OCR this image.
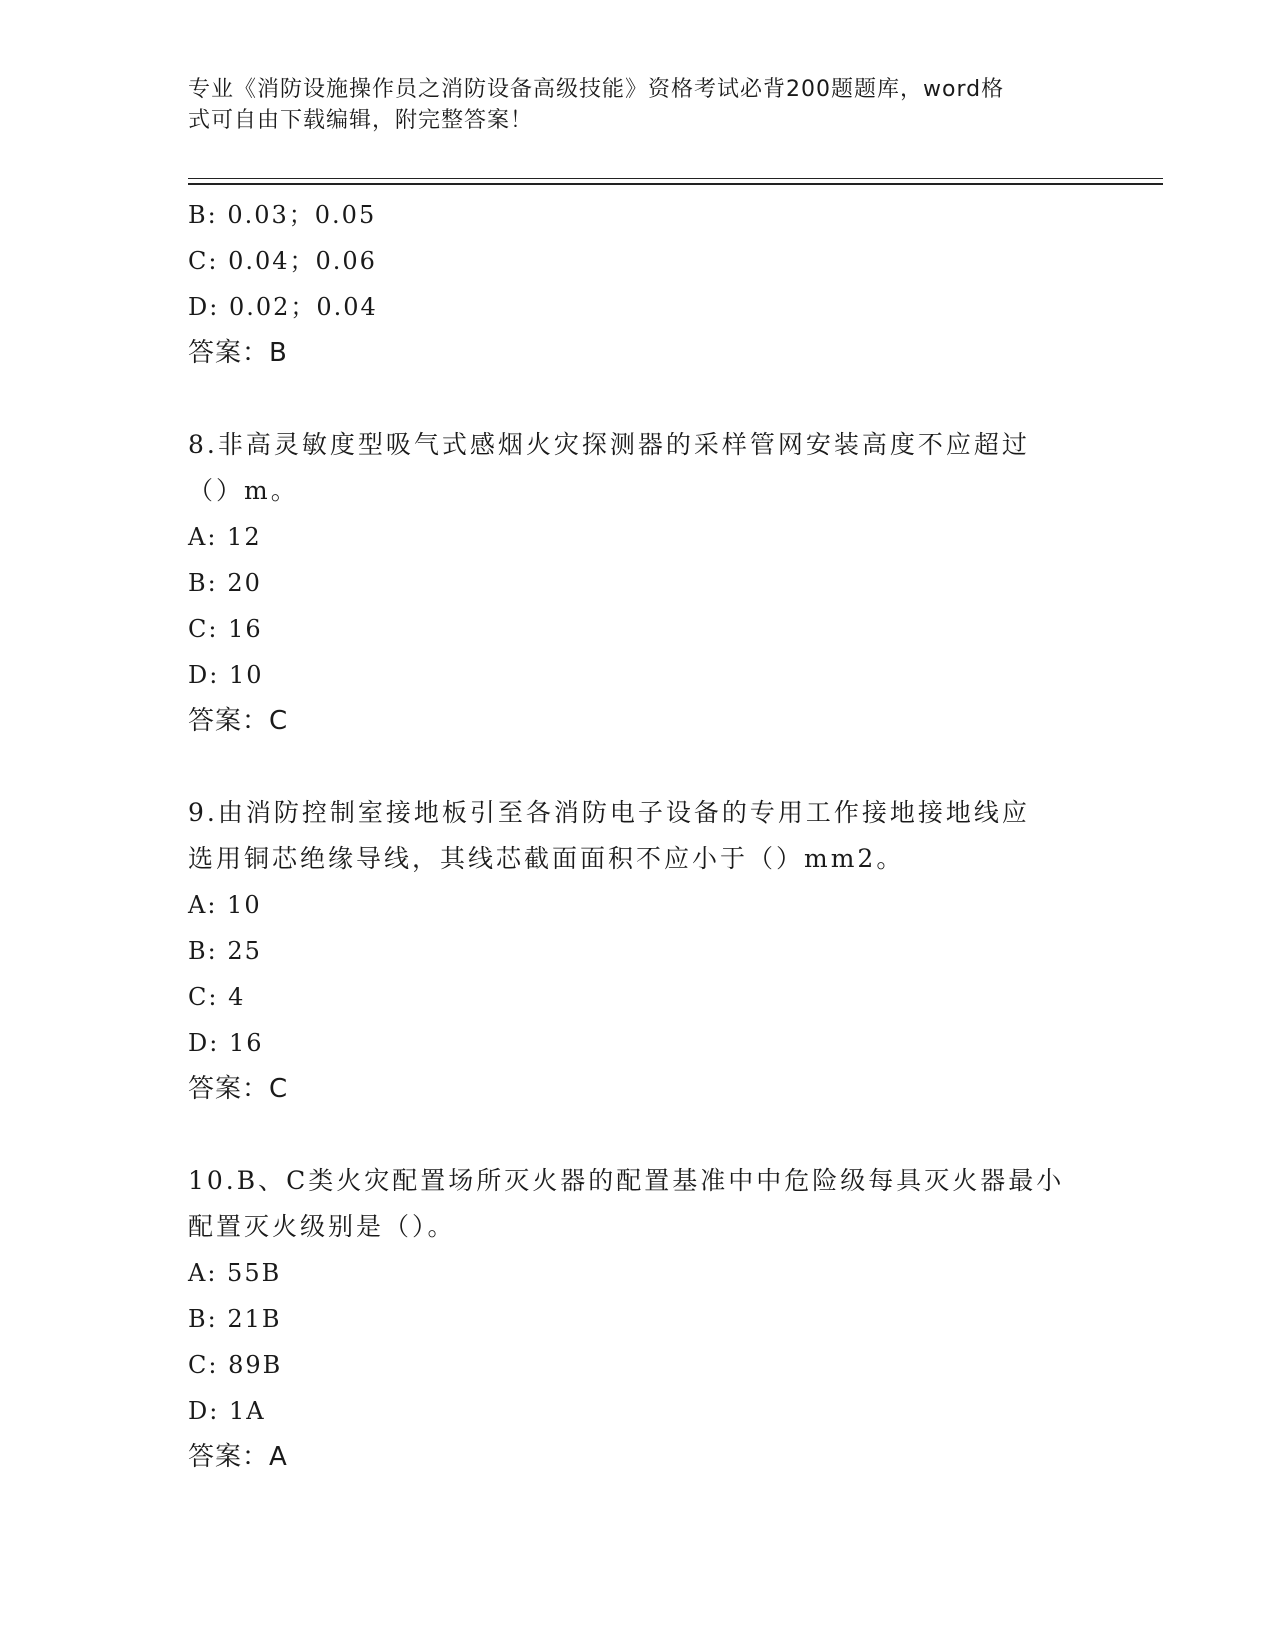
专业《消防设施操作员之消防设备高级技能》资格考试必背200题题库，word格
式可自由下载编辑，附完整答案！
B: 0.03；0.05
C: 0.04；0.06
D: 0.02；0.04
答案：B
8.非高灵敏度型吸气式感烟火灾探测器的采样管网安装高度不应超过
（）m。
A: 12
B: 20
C: 16
D: 10
答案：C
9.由消防控制室接地板引至各消防电子设备的专用工作接地接地线应
选用铜芯绝缘导线，其线芯截面面积不应小于（）mm2。
A: 10
B: 25
C: 4
D: 16
答案：C
10.B、C类火灾配置场所灭火器的配置基准中中危险级每具灭火器最小
配置灭火级别是（）。
A: 55B
B: 21B
C: 89B
D: 1A
答案：A
